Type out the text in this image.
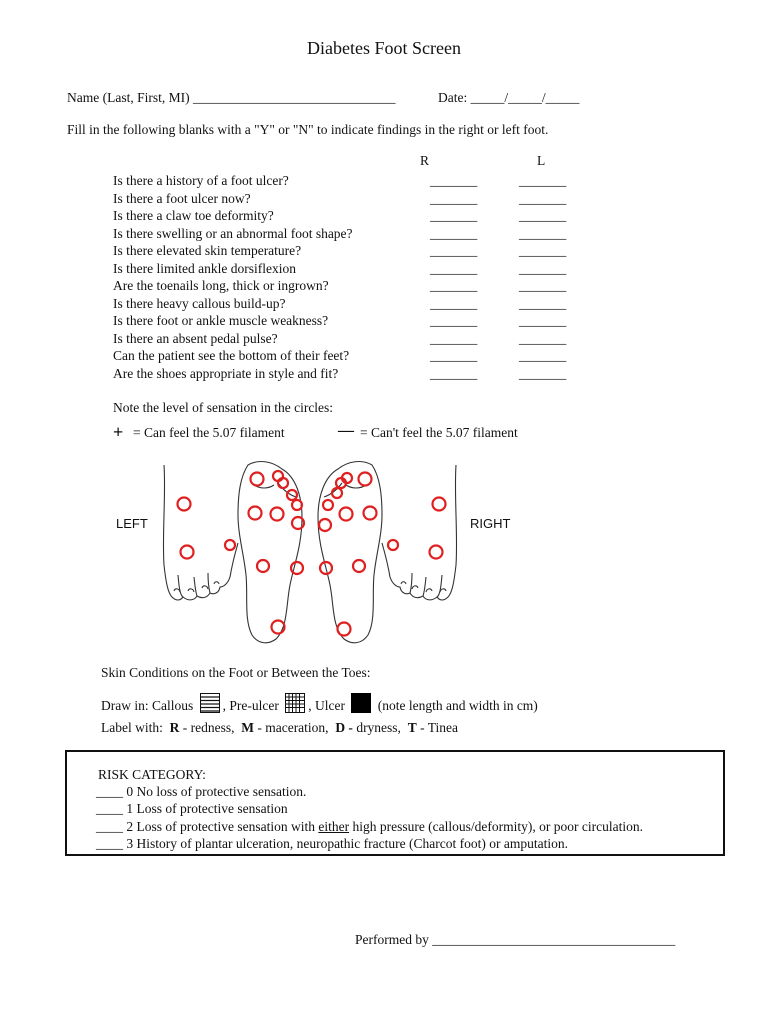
Diabetes Foot Screen
Name (Last, First, MI) ______________________________	Date: _____/_____/_____
Fill in the following blanks with a "Y" or "N" to indicate findings in the right or left foot.
R	L
Is there a history of a foot ulcer?	_______	_______
Is there a foot ulcer now?	_______	_______
Is there a claw toe deformity?	_______	_______
Is there swelling or an abnormal foot shape?	_______	_______
Is there elevated skin temperature?	_______	_______
Is there limited ankle dorsiflexion	_______	_______
Are the toenails long, thick or ingrown?	_______	_______
Is there heavy callous build-up?	_______	_______
Is there foot or ankle muscle weakness?	_______	_______
Is there an absent pedal pulse?	_______	_______
Can the patient see the bottom of their feet?	_______	_______
Are the shoes appropriate in style and fit?	_______	_______
Note the level of sensation in the circles:
+ = Can feel the 5.07 filament	— = Can't feel the 5.07 filament
LEFT	RIGHT
Skin Conditions on the Foot or Between the Toes:
Draw in: Callous , Pre-ulcer , Ulcer (note length and width in cm)
Label with: R - redness, M - maceration, D - dryness, T - Tinea
RISK CATEGORY:
____ 0 No loss of protective sensation.
____ 1 Loss of protective sensation
____ 2 Loss of protective sensation with either high pressure (callous/deformity), or poor circulation.
____ 3 History of plantar ulceration, neuropathic fracture (Charcot foot) or amputation.
Performed by ____________________________________
